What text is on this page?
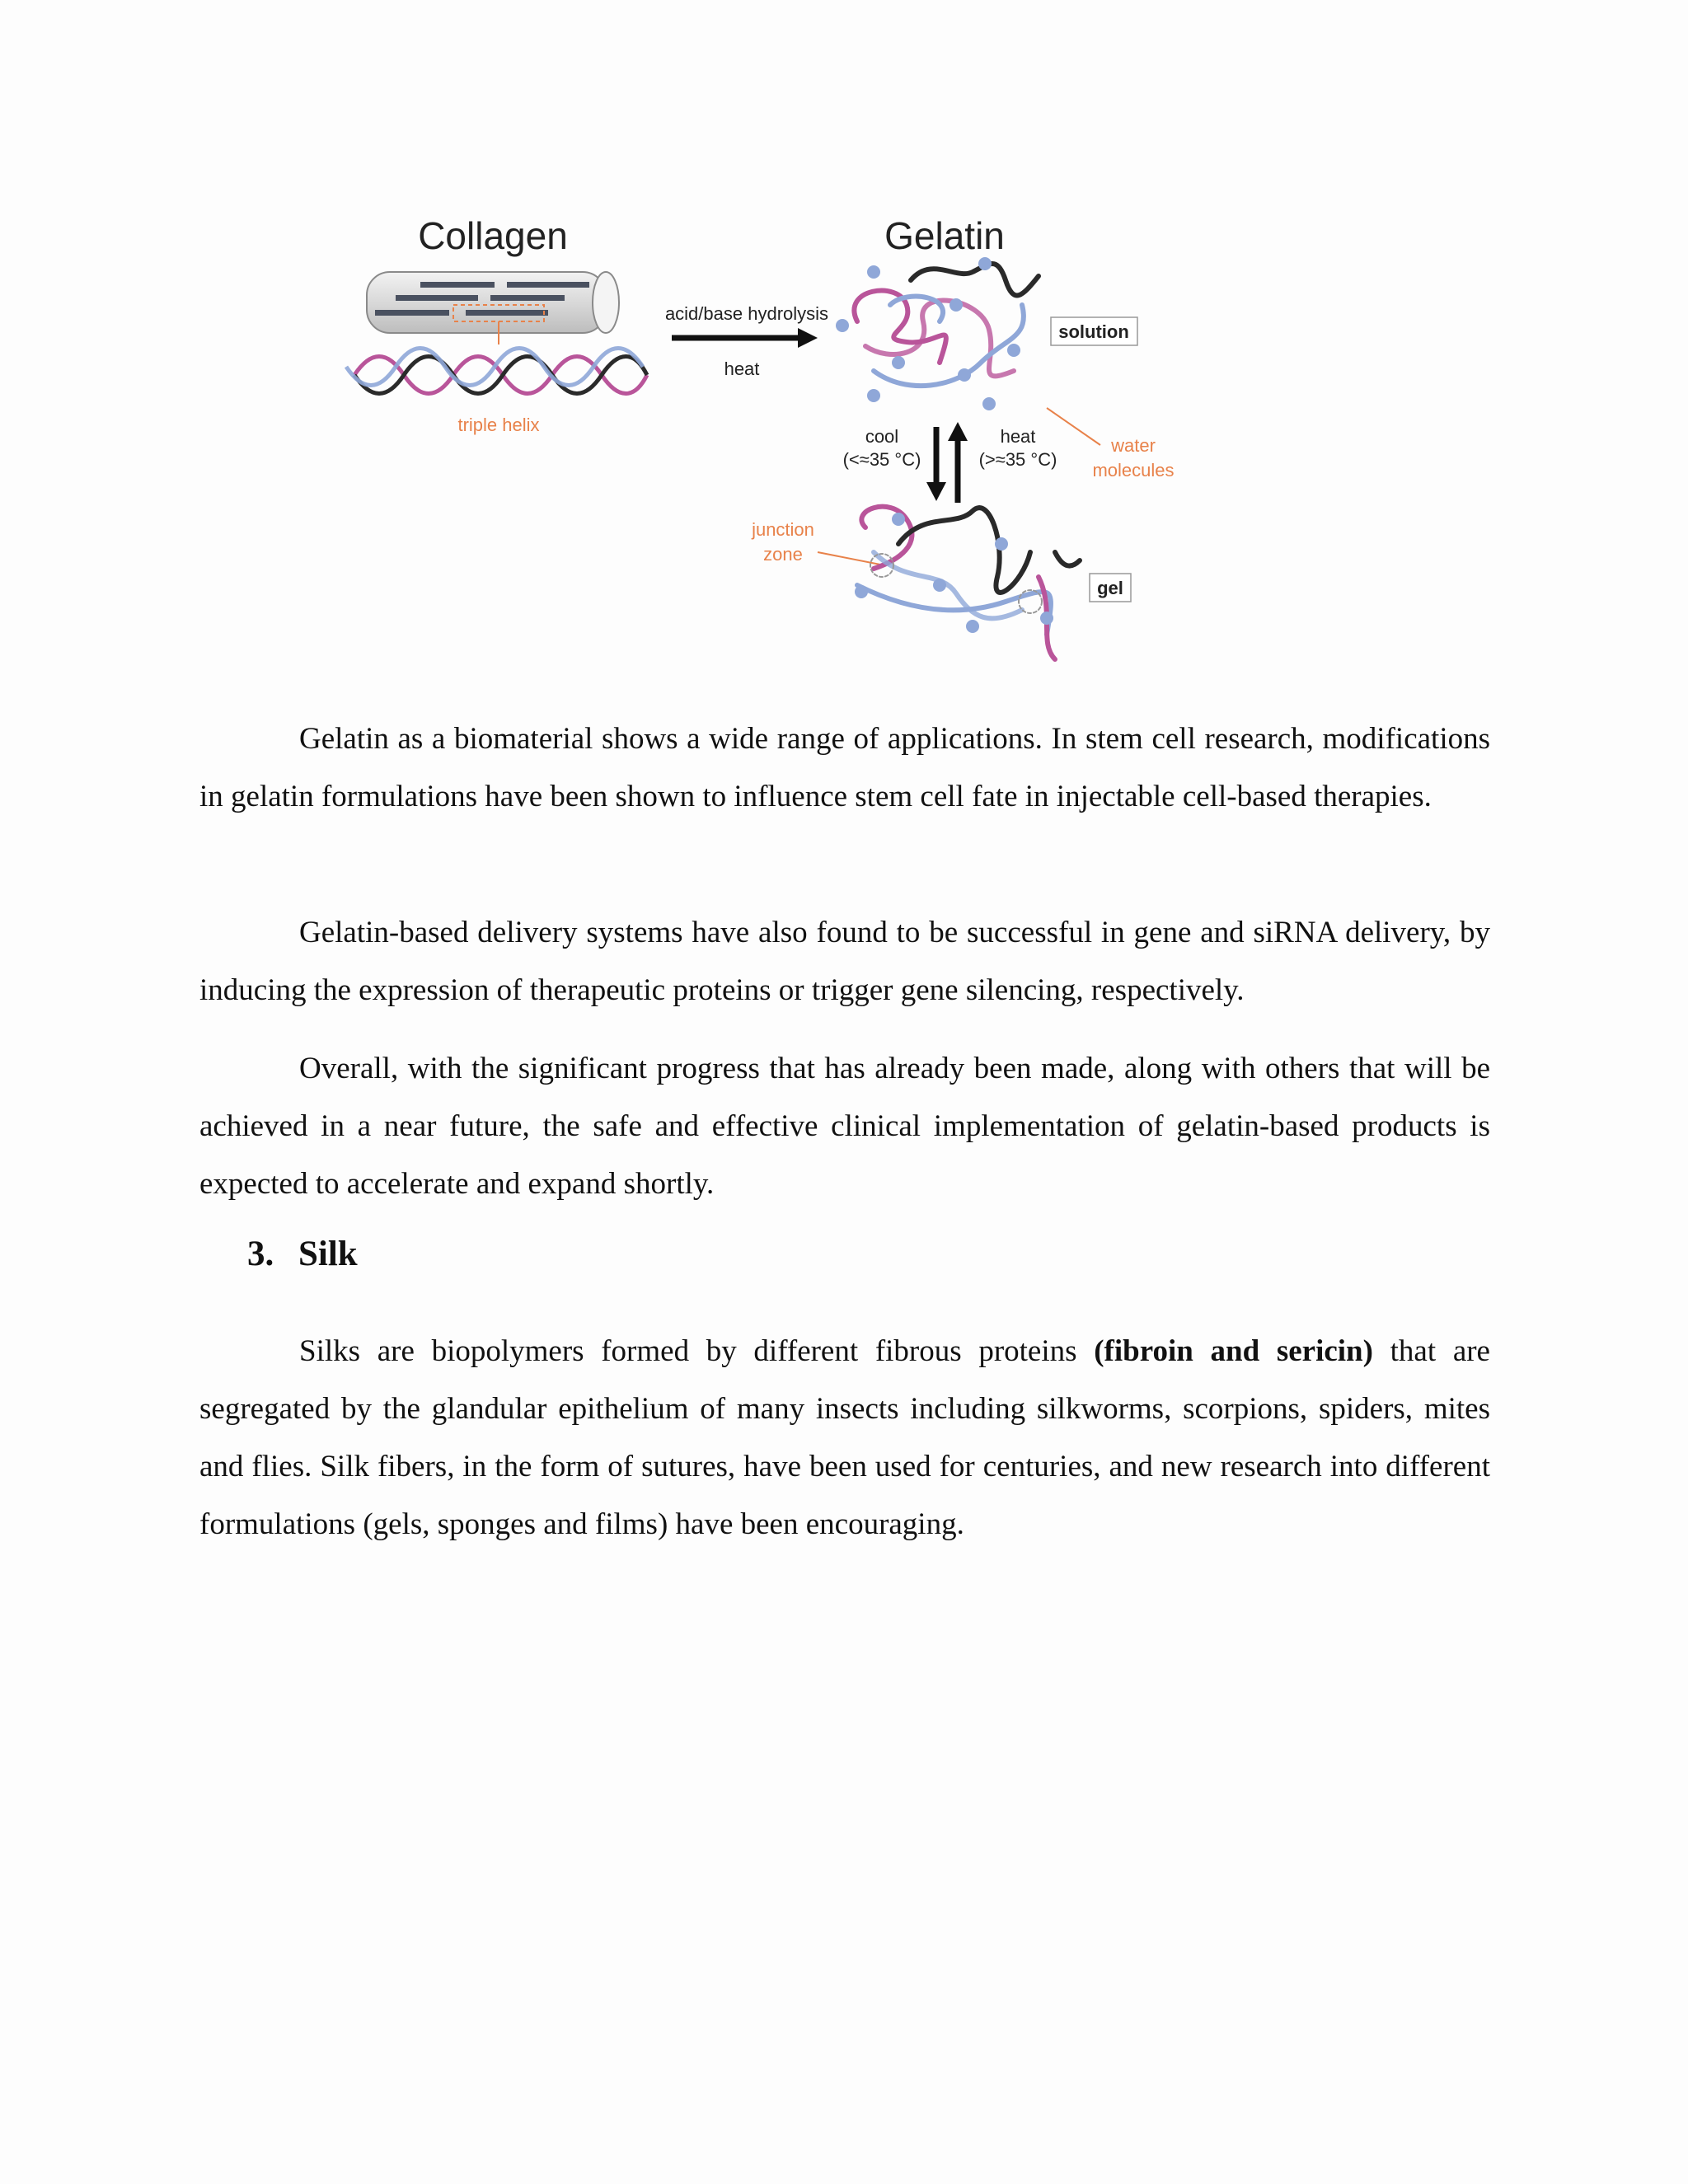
Collagen
triple helix
acid/base hydrolysis
heat
Gelatin
solution
cool
(<≈35 °C)
heat
(>≈35 °C)
water
molecules
junction
zone
gel

Gelatin as a biomaterial shows a wide range of applications. In stem cell research, modifications in gelatin formulations have been shown to influence stem cell fate in injectable cell-based therapies.

Gelatin-based delivery systems have also found to be successful in gene and siRNA delivery, by inducing the expression of therapeutic proteins or trigger gene silencing, respectively.

Overall, with the significant progress that has already been made, along with others that will be achieved in a near future, the safe and effective clinical implementation of gelatin-based products is expected to accelerate and expand shortly.

3. Silk

Silks are biopolymers formed by different fibrous proteins (fibroin and sericin) that are segregated by the glandular epithelium of many insects including silkworms, scorpions, spiders, mites and flies. Silk fibers, in the form of sutures, have been used for centuries, and new research into different formulations (gels, sponges and films) have been encouraging.
